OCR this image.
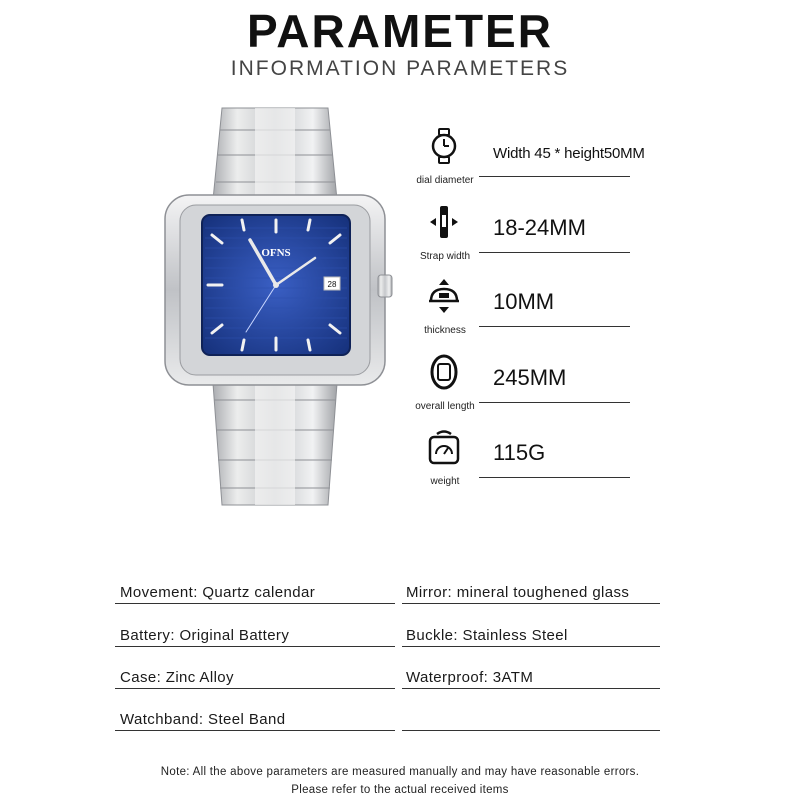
PARAMETER
INFORMATION PARAMETERS
28
OFNS
dial diameter
Width 45 * height50MM
Strap width
18-24MM
thickness
10MM
overall length
245MM
weight
115G
Movement: Quartz calendar
Battery: Original Battery
Case: Zinc Alloy
Watchband: Steel Band
Mirror: mineral toughened glass
Buckle: Stainless Steel
Waterproof: 3ATM
Note: All the above parameters are measured manually and may have reasonable errors.
Please refer to the actual received items
